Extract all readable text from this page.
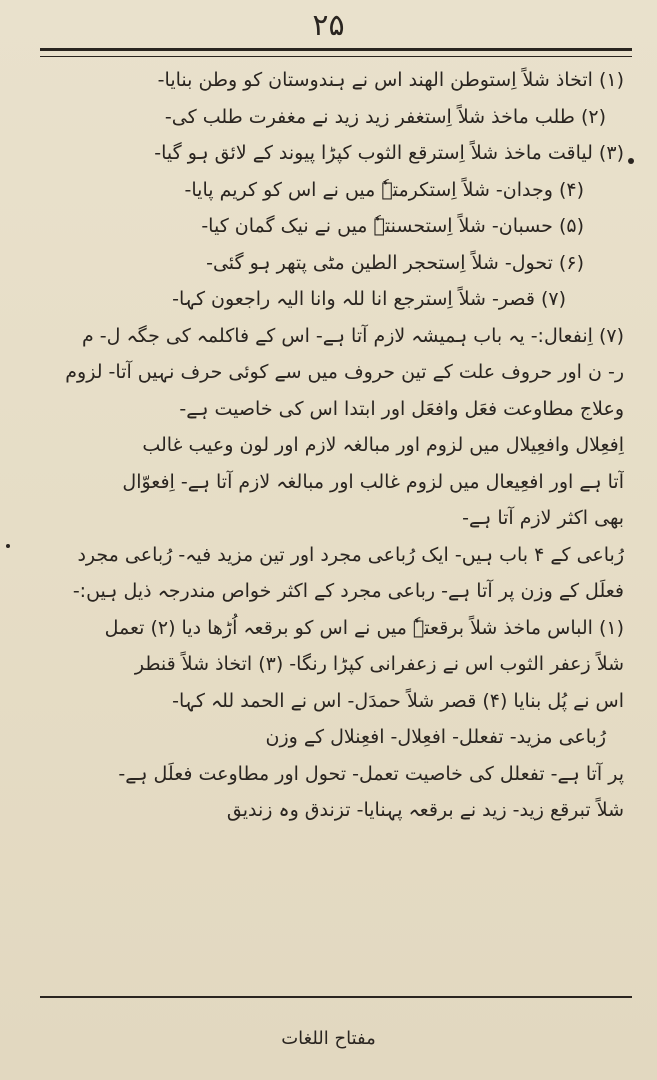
۲۵
(۱) اتخاذ شلاً اِستوطن الھند اس نے ہندوستان کو وطن بنایا-
(۲) طلب ماخذ شلاً اِستغفر زید زید نے مغفرت طلب کی-
(۳) لیاقت ماخذ شلاً اِسترقع الثوب کپڑا پیوند کے لائق ہو گیا-
(۴) وجدان- شلاً اِستکرمتہٗ میں نے اس کو کریم پایا-
(۵) حسبان- شلاً اِستحسنتہٗ میں نے نیک گمان کیا-
(۶) تحول- شلاً اِستحجر الطین مٹی پتھر ہو گئی-
(۷) قصر- شلاً اِسترجع انا للہ وانا الیہ راجعون کہا-
(۷) اِنفعال:- یہ باب ہمیشہ لازم آتا ہے- اس کے فاکلمہ کی جگہ ل- م
ر- ن اور حروف علت کے تین حروف میں سے کوئی حرف نہیں آتا- لزوم
وعلاج مطاوعت فعَل وافعَل اور ابتدا اس کی خاصیت ہے-
اِفعِلال وافعِیلال میں لزوم اور مبالغہ لازم اور لون وعیب غالب
آتا ہے اور افعِیعال میں لزوم غالب اور مبالغہ لازم آتا ہے- اِفعوّال
بھی اکثر لازم آتا ہے-
رُباعی کے ۴ باب ہیں- ایک رُباعی مجرد اور تین مزید فیہ- رُباعی مجرد
فعلَل کے وزن پر آتا ہے- رباعی مجرد کے اکثر خواص مندرجہ ذیل ہیں:-
(۱) الباس ماخذ شلاً برقعتہٗ میں نے اس کو برقعہ اُڑھا دیا (۲) تعمل
شلاً زعفر الثوب اس نے زعفرانی کپڑا رنگا- (۳) اتخاذ شلاً قنطر
اس نے پُل بنایا (۴) قصر شلاً حمدَل- اس نے الحمد للہ کہا-
رُباعی مزید- تفعلل- افعِلال- افعِنلال کے وزن
پر آتا ہے- تفعلل کی خاصیت تعمل- تحول اور مطاوعت فعلَل ہے-
شلاً تبرقع زید- زید نے برقعہ پہنایا- تزندق وہ زندیق
مفتاح اللغات
